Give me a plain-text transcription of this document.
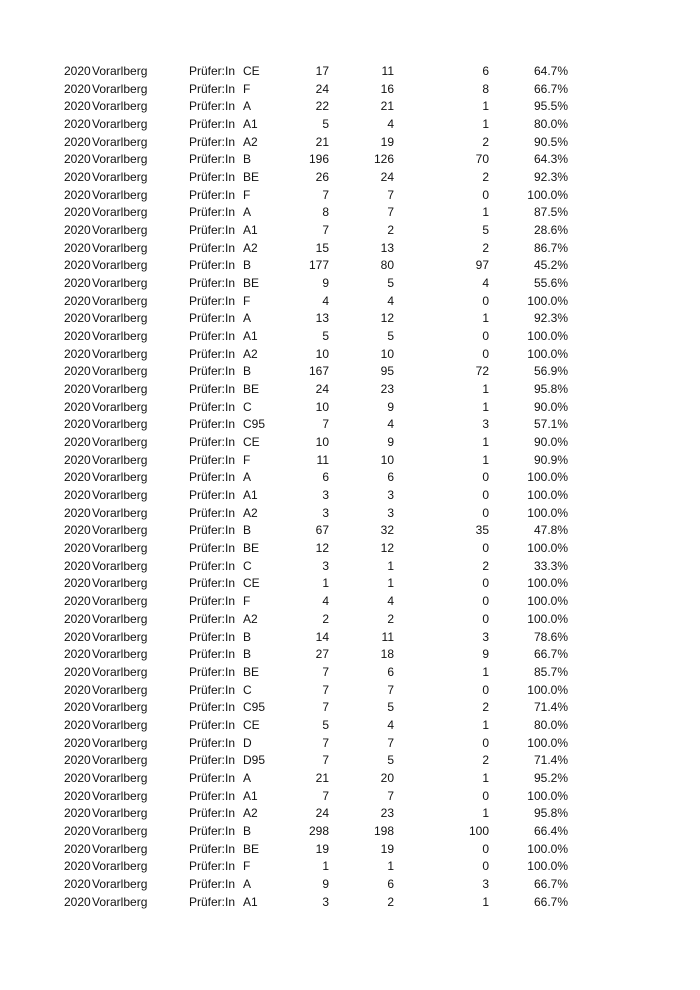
2020 Vorarlberg	Prüfer:In CE	17	11	6	64.7%
2020 Vorarlberg	Prüfer:In F	24	16	8	66.7%
2020 Vorarlberg	Prüfer:In A	22	21	1	95.5%
2020 Vorarlberg	Prüfer:In A1	5	4	1	80.0%
2020 Vorarlberg	Prüfer:In A2	21	19	2	90.5%
2020 Vorarlberg	Prüfer:In B	196	126	70	64.3%
2020 Vorarlberg	Prüfer:In BE	26	24	2	92.3%
2020 Vorarlberg	Prüfer:In F	7	7	0	100.0%
2020 Vorarlberg	Prüfer:In A	8	7	1	87.5%
2020 Vorarlberg	Prüfer:In A1	7	2	5	28.6%
2020 Vorarlberg	Prüfer:In A2	15	13	2	86.7%
2020 Vorarlberg	Prüfer:In B	177	80	97	45.2%
2020 Vorarlberg	Prüfer:In BE	9	5	4	55.6%
2020 Vorarlberg	Prüfer:In F	4	4	0	100.0%
2020 Vorarlberg	Prüfer:In A	13	12	1	92.3%
2020 Vorarlberg	Prüfer:In A1	5	5	0	100.0%
2020 Vorarlberg	Prüfer:In A2	10	10	0	100.0%
2020 Vorarlberg	Prüfer:In B	167	95	72	56.9%
2020 Vorarlberg	Prüfer:In BE	24	23	1	95.8%
2020 Vorarlberg	Prüfer:In C	10	9	1	90.0%
2020 Vorarlberg	Prüfer:In C95	7	4	3	57.1%
2020 Vorarlberg	Prüfer:In CE	10	9	1	90.0%
2020 Vorarlberg	Prüfer:In F	11	10	1	90.9%
2020 Vorarlberg	Prüfer:In A	6	6	0	100.0%
2020 Vorarlberg	Prüfer:In A1	3	3	0	100.0%
2020 Vorarlberg	Prüfer:In A2	3	3	0	100.0%
2020 Vorarlberg	Prüfer:In B	67	32	35	47.8%
2020 Vorarlberg	Prüfer:In BE	12	12	0	100.0%
2020 Vorarlberg	Prüfer:In C	3	1	2	33.3%
2020 Vorarlberg	Prüfer:In CE	1	1	0	100.0%
2020 Vorarlberg	Prüfer:In F	4	4	0	100.0%
2020 Vorarlberg	Prüfer:In A2	2	2	0	100.0%
2020 Vorarlberg	Prüfer:In B	14	11	3	78.6%
2020 Vorarlberg	Prüfer:In B	27	18	9	66.7%
2020 Vorarlberg	Prüfer:In BE	7	6	1	85.7%
2020 Vorarlberg	Prüfer:In C	7	7	0	100.0%
2020 Vorarlberg	Prüfer:In C95	7	5	2	71.4%
2020 Vorarlberg	Prüfer:In CE	5	4	1	80.0%
2020 Vorarlberg	Prüfer:In D	7	7	0	100.0%
2020 Vorarlberg	Prüfer:In D95	7	5	2	71.4%
2020 Vorarlberg	Prüfer:In A	21	20	1	95.2%
2020 Vorarlberg	Prüfer:In A1	7	7	0	100.0%
2020 Vorarlberg	Prüfer:In A2	24	23	1	95.8%
2020 Vorarlberg	Prüfer:In B	298	198	100	66.4%
2020 Vorarlberg	Prüfer:In BE	19	19	0	100.0%
2020 Vorarlberg	Prüfer:In F	1	1	0	100.0%
2020 Vorarlberg	Prüfer:In A	9	6	3	66.7%
2020 Vorarlberg	Prüfer:In A1	3	2	1	66.7%
